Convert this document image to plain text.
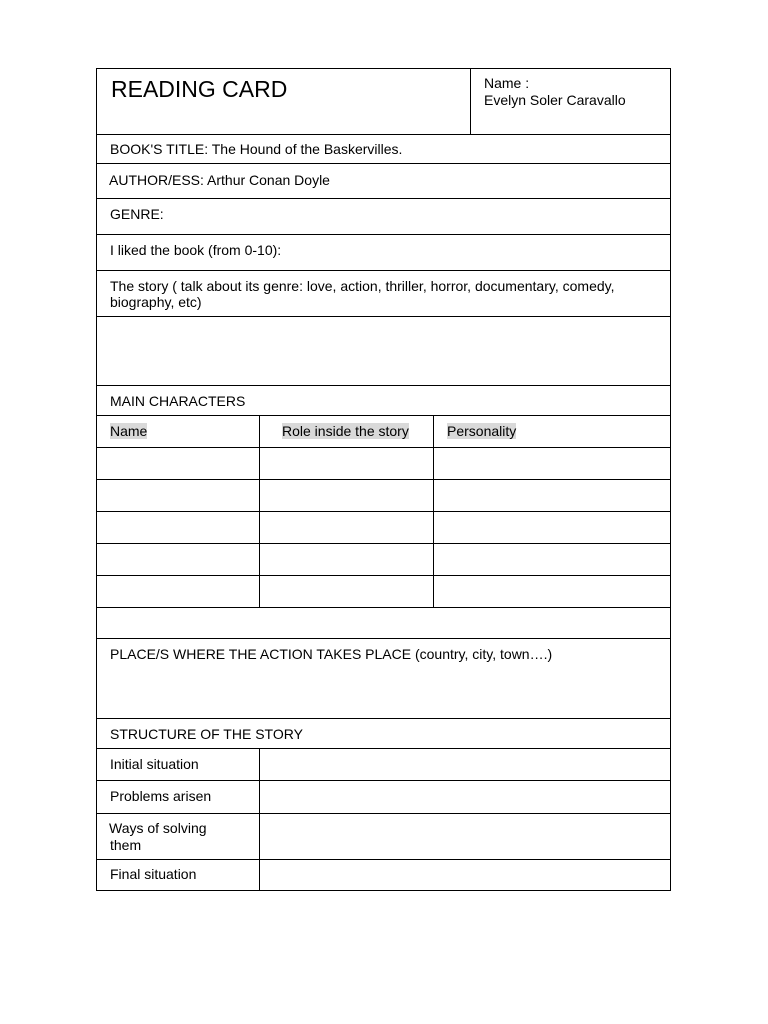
READING CARD	Name :
Evelyn Soler Caravallo
BOOK'S TITLE: The Hound of the Baskervilles.
AUTHOR/ESS: Arthur Conan Doyle
GENRE:
I liked the book (from 0-10):
The story ( talk about its genre: love, action, thriller, horror, documentary, comedy,
biography, etc)
MAIN CHARACTERS
Name	Role inside the story	Personality
PLACE/S WHERE THE ACTION TAKES PLACE (country, city, town….)
STRUCTURE OF THE STORY
Initial situation
Problems arisen
Ways of solving
them
Final situation
